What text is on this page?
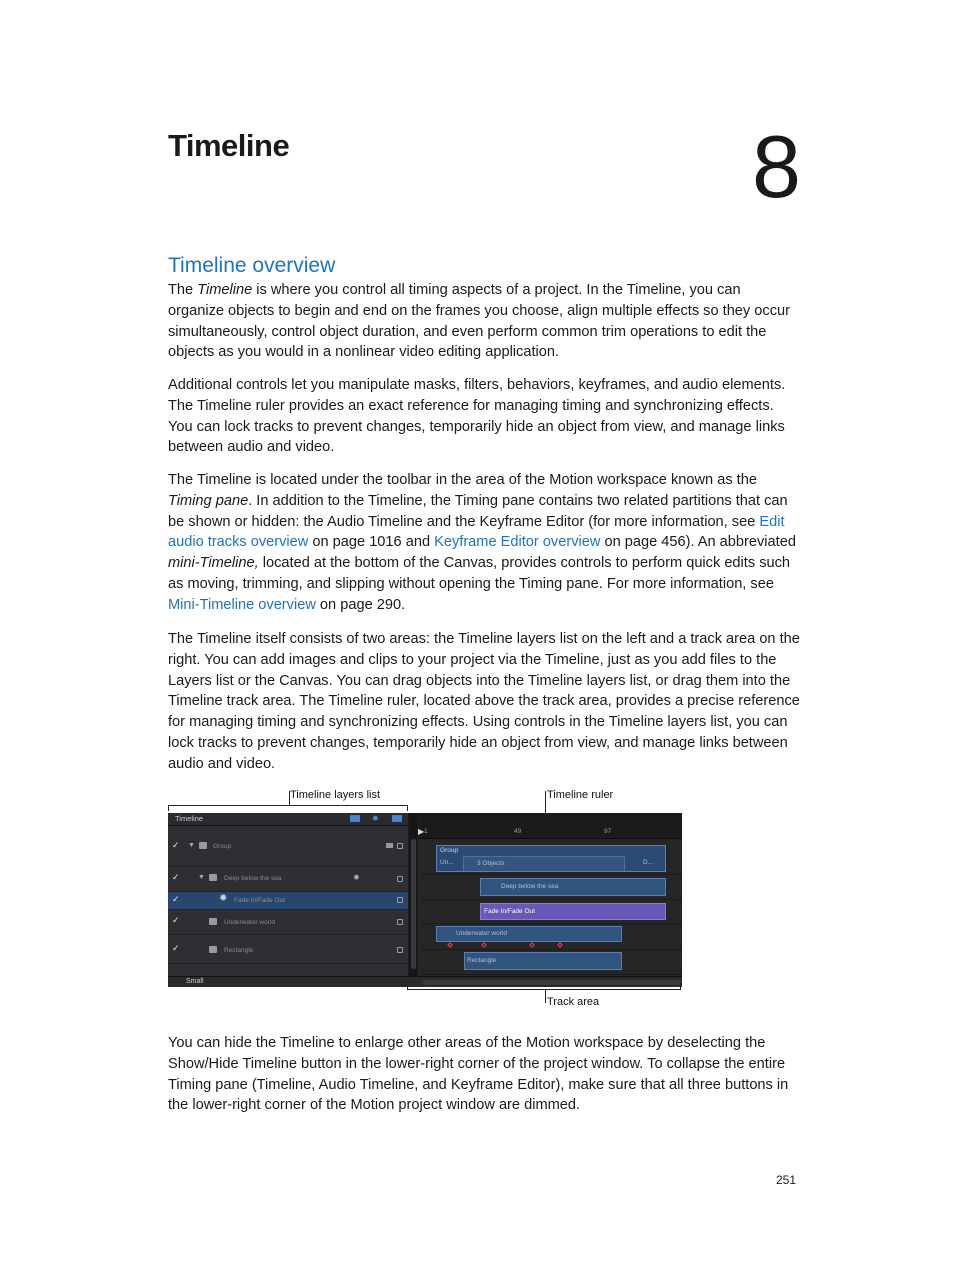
Timeline	8
Timeline overview

The Timeline is where you control all timing aspects of a project. In the Timeline, you can organize objects to begin and end on the frames you choose, align multiple effects so they occur simultaneously, control object duration, and even perform common trim operations to edit the objects as you would in a nonlinear video editing application.

Additional controls let you manipulate masks, filters, behaviors, keyframes, and audio elements. The Timeline ruler provides an exact reference for managing timing and synchronizing effects. You can lock tracks to prevent changes, temporarily hide an object from view, and manage links between audio and video.

The Timeline is located under the toolbar in the area of the Motion workspace known as the Timing pane. In addition to the Timeline, the Timing pane contains two related partitions that can be shown or hidden: the Audio Timeline and the Keyframe Editor (for more information, see Edit audio tracks overview on page 1016 and Keyframe Editor overview on page 456). An abbreviated mini-Timeline, located at the bottom of the Canvas, provides controls to perform quick edits such as moving, trimming, and slipping without opening the Timing pane. For more information, see Mini-Timeline overview on page 290.

The Timeline itself consists of two areas: the Timeline layers list on the left and a track area on the right. You can add images and clips to your project via the Timeline, just as you add files to the Layers list or the Canvas. You can drag objects into the Timeline layers list, or drag them into the Timeline track area. The Timeline ruler, located above the track area, provides a precise reference for managing timing and synchronizing effects. Using controls in the Timeline layers list, you can lock tracks to prevent changes, temporarily hide an object from view, and manage links between audio and video.

Timeline layers list	Timeline ruler
Timeline	✹
✓ ▼	Group
✓	▼	Deep below the sea	✹
✓	✹ Fade In/Fade Out
✓	Underwater world
✓	Rectangle
▶ 1	49	97
Group
Un...	3 Objects	D...
Deep below the sea
Fade In/Fade Out
Underwater world
Rectangle
Small
Track area

You can hide the Timeline to enlarge other areas of the Motion workspace by deselecting the Show/Hide Timeline button in the lower-right corner of the project window. To collapse the entire Timing pane (Timeline, Audio Timeline, and Keyframe Editor), make sure that all three buttons in the lower-right corner of the Motion project window are dimmed.

251
